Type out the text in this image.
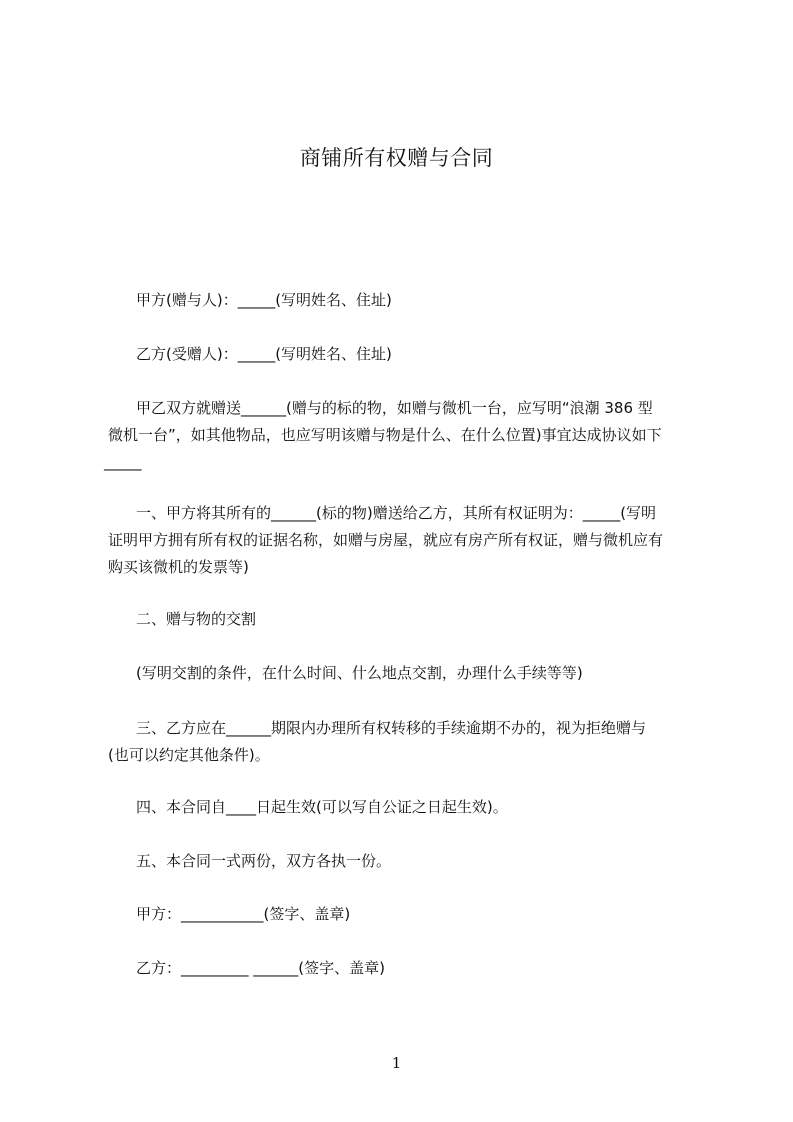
商铺所有权赠与合同
甲方(赠与人)：_____(写明姓名、住址)
乙方(受赠人)：_____(写明姓名、住址)
甲乙双方就赠送______(赠与的标的物，如赠与微机一台，应写明“浪潮 386 型
微机一台”，如其他物品，也应写明该赠与物是什么、在什么位置)事宜达成协议如下
_____
一、甲方将其所有的______(标的物)赠送给乙方，其所有权证明为：_____(写明
证明甲方拥有所有权的证据名称，如赠与房屋，就应有房产所有权证，赠与微机应有
购买该微机的发票等)
二、赠与物的交割
(写明交割的条件，在什么时间、什么地点交割，办理什么手续等等)
三、乙方应在______期限内办理所有权转移的手续逾期不办的，视为拒绝赠与
(也可以约定其他条件)。
四、本合同自____日起生效(可以写自公证之日起生效)。
五、本合同一式两份，双方各执一份。
甲方：___________(签字、盖章)
乙方：_________ ______(签字、盖章)
1
